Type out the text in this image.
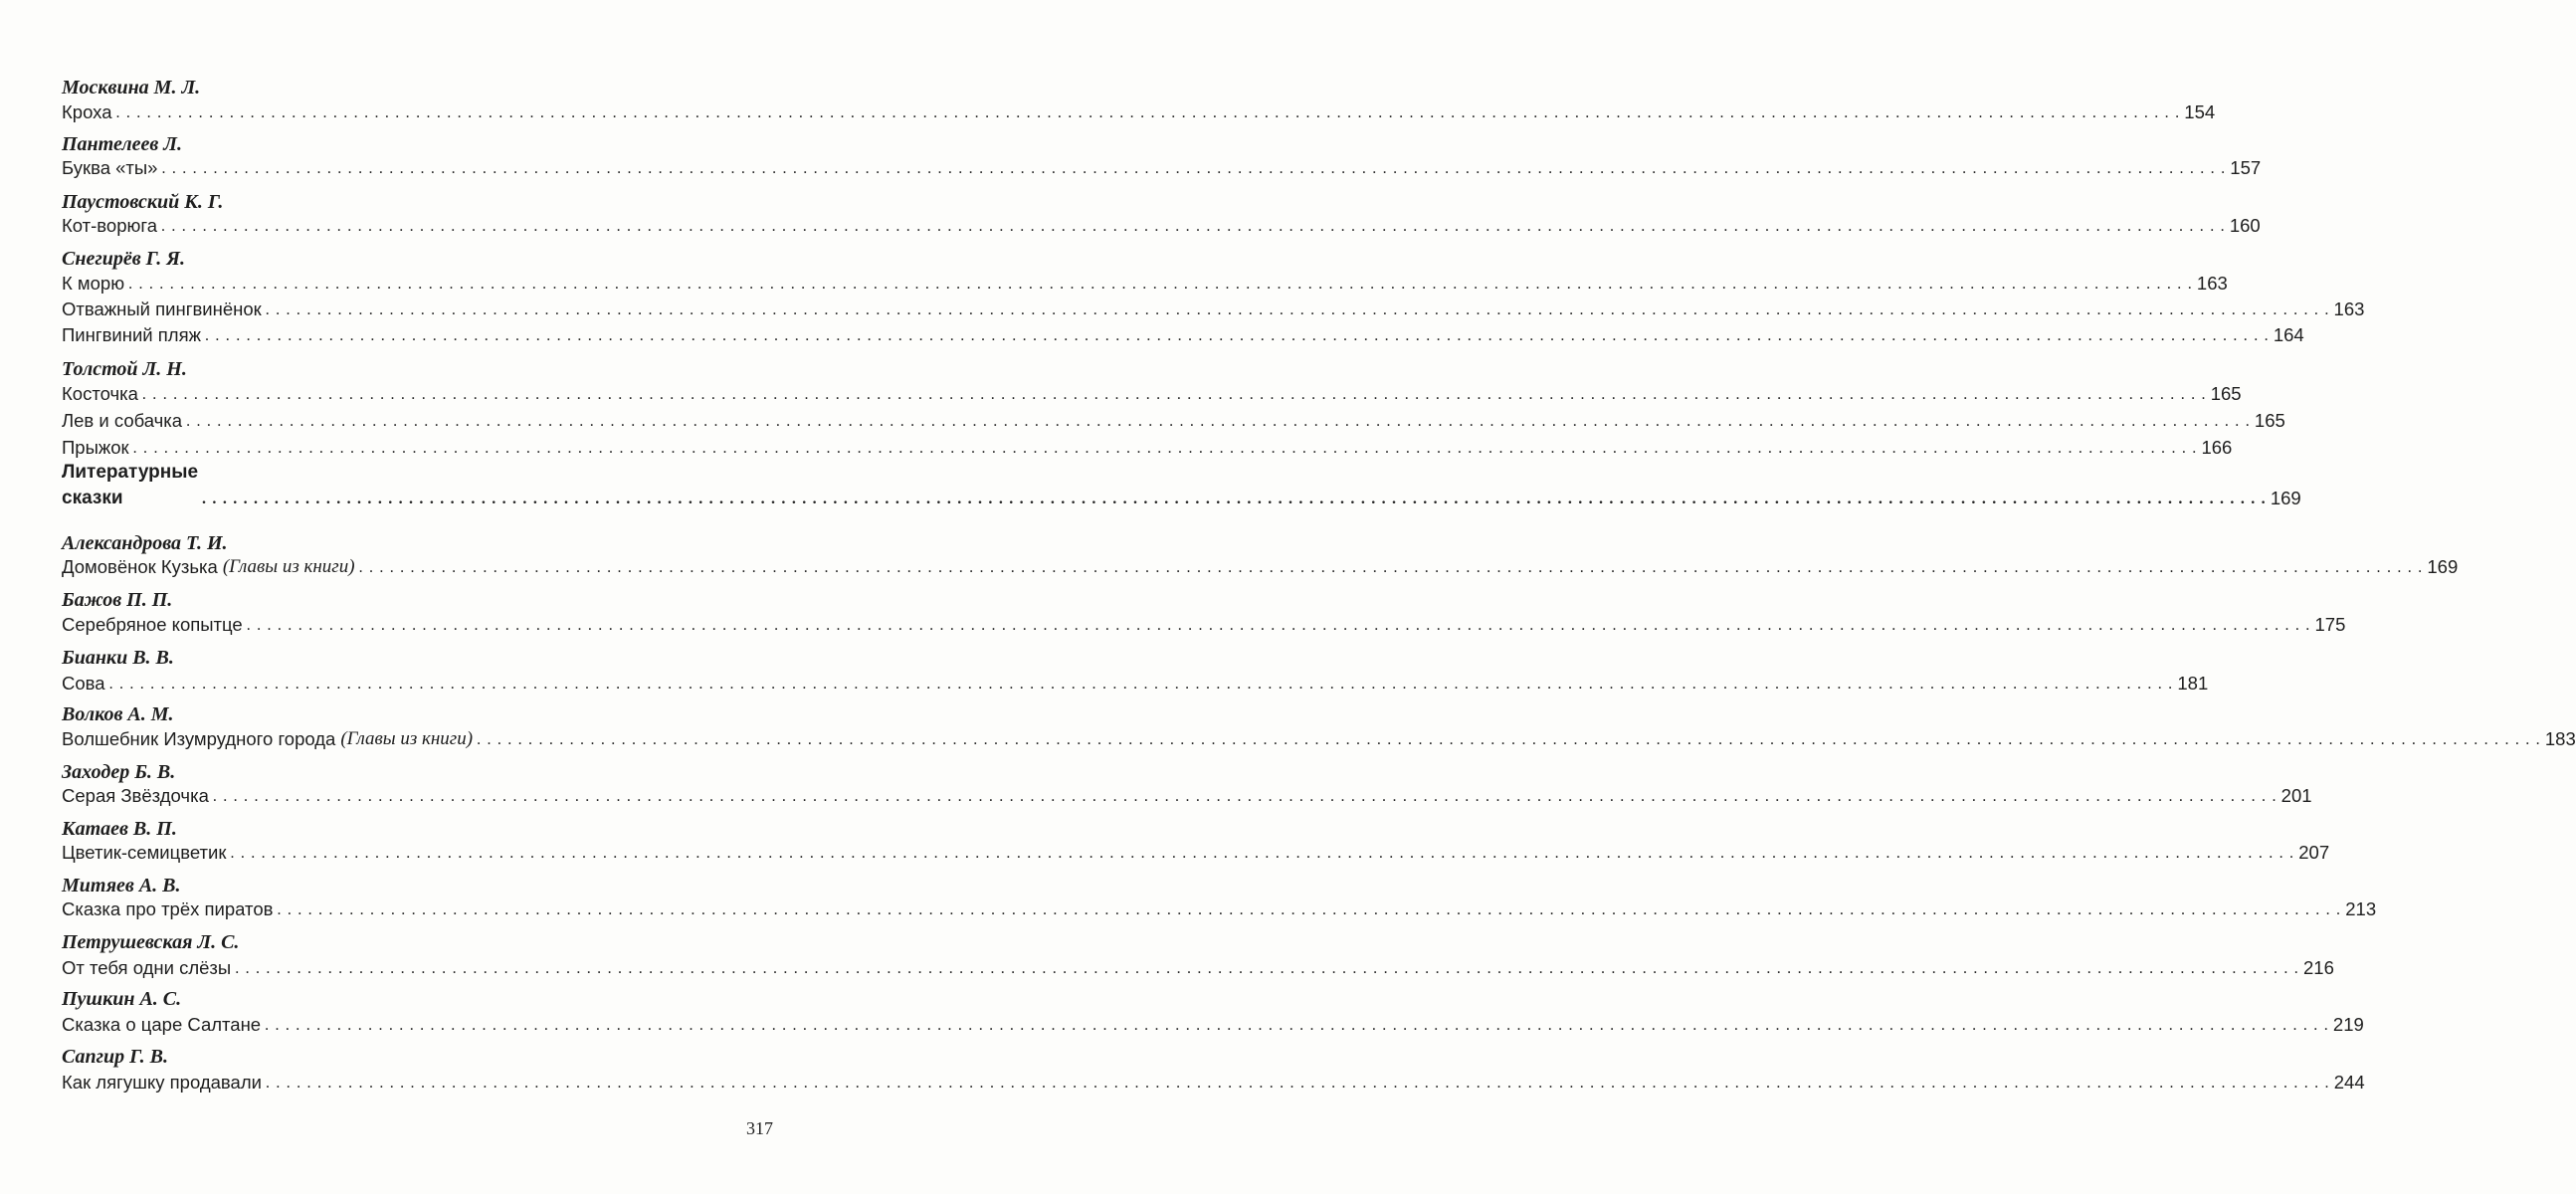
Москвина М. Л.
Кроха . . . . . . . . . . . . . . . . . . . . . . . . . . . . . . . . . . . . . . . . . . . . . . . . . . . . . . . . . . . . . . . . . . . . . . . . . . . . . . . . . . . . . . . . . . . . . . . . . . . . . . . . . . . . . . . . . . . . . . . . . . . . . . . . . . . . . . . . . . . . . . . . . . . . . . . . . . . . . . . . . . . . . . . . . . . . . . . . . . . . . . . . . . . . . . . . . . . . . . . . 154
Пантелеев Л.
Буква «ты» . . . . . . . . . . . . . . . . . . . . . . . . . . . . . . . . . . . . . . . . . . . . . . . . . . . . . . . . . . . . . . . . . . . . . . . . . . . . . . . . . . . . . . . . . . . . . . . . . . . . . . . . . . . . . . . . . . . . . . . . . . . . . . . . . . . . . . . . . . . . . . . . . . . . . . . . . . . . . . . . . . . . . . . . . . . . . . . . . . . . . . . . . . . . . . . . . . . . . . . . 157
Паустовский К. Г.
Кот-ворюга . . . . . . . . . . . . . . . . . . . . . . . . . . . . . . . . . . . . . . . . . . . . . . . . . . . . . . . . . . . . . . . . . . . . . . . . . . . . . . . . . . . . . . . . . . . . . . . . . . . . . . . . . . . . . . . . . . . . . . . . . . . . . . . . . . . . . . . . . . . . . . . . . . . . . . . . . . . . . . . . . . . . . . . . . . . . . . . . . . . . . . . . . . . . . . . . . . . . . . . . 160
Снегирёв Г. Я.
К морю . . . . . . . . . . . . . . . . . . . . . . . . . . . . . . . . . . . . . . . . . . . . . . . . . . . . . . . . . . . . . . . . . . . . . . . . . . . . . . . . . . . . . . . . . . . . . . . . . . . . . . . . . . . . . . . . . . . . . . . . . . . . . . . . . . . . . . . . . . . . . . . . . . . . . . . . . . . . . . . . . . . . . . . . . . . . . . . . . . . . . . . . . . . . . . . . . . . . . . . . 163
Отважный пингвинёнок . . . . . . . . . . . . . . . . . . . . . . . . . . . . . . . . . . . . . . . . . . . . . . . . . . . . . . . . . . . . . . . . . . . . . . . . . . . . . . . . . . . . . . . . . . . . . . . . . . . . . . . . . . . . . . . . . . . . . . . . . . . . . . . . . . . . . . . . . . . . . . . . . . . . . . . . . . . . . . . . . . . . . . . . . . . . . . . . . . . . . . . . . . . . . . . . . . . . . . . . 163
Пингвиний пляж . . . . . . . . . . . . . . . . . . . . . . . . . . . . . . . . . . . . . . . . . . . . . . . . . . . . . . . . . . . . . . . . . . . . . . . . . . . . . . . . . . . . . . . . . . . . . . . . . . . . . . . . . . . . . . . . . . . . . . . . . . . . . . . . . . . . . . . . . . . . . . . . . . . . . . . . . . . . . . . . . . . . . . . . . . . . . . . . . . . . . . . . . . . . . . . . . . . . . . . . 164
Толстой Л. Н.
Косточка . . . . . . . . . . . . . . . . . . . . . . . . . . . . . . . . . . . . . . . . . . . . . . . . . . . . . . . . . . . . . . . . . . . . . . . . . . . . . . . . . . . . . . . . . . . . . . . . . . . . . . . . . . . . . . . . . . . . . . . . . . . . . . . . . . . . . . . . . . . . . . . . . . . . . . . . . . . . . . . . . . . . . . . . . . . . . . . . . . . . . . . . . . . . . . . . . . . . . . . . 165
Лев и собачка . . . . . . . . . . . . . . . . . . . . . . . . . . . . . . . . . . . . . . . . . . . . . . . . . . . . . . . . . . . . . . . . . . . . . . . . . . . . . . . . . . . . . . . . . . . . . . . . . . . . . . . . . . . . . . . . . . . . . . . . . . . . . . . . . . . . . . . . . . . . . . . . . . . . . . . . . . . . . . . . . . . . . . . . . . . . . . . . . . . . . . . . . . . . . . . . . . . . . . . . 165
Прыжок . . . . . . . . . . . . . . . . . . . . . . . . . . . . . . . . . . . . . . . . . . . . . . . . . . . . . . . . . . . . . . . . . . . . . . . . . . . . . . . . . . . . . . . . . . . . . . . . . . . . . . . . . . . . . . . . . . . . . . . . . . . . . . . . . . . . . . . . . . . . . . . . . . . . . . . . . . . . . . . . . . . . . . . . . . . . . . . . . . . . . . . . . . . . . . . . . . . . . . . . 166
Литературные сказки	. . . . . . . . . . . . . . . . . . . . . . . . . . . . . . . . . . . . . . . . . . . . . . . . . . . . . . . . . . . . . . . . . . . . . . . . . . . . . . . . . . . . . . . . . . . . . . . . . . . . . . . . . . . . . . . . . . . . . . . . . . . . . . . . . . . . . . . . . . . . . . . . . . . . . . . . . . . . . . . . . . . . . . . . . . . . . . . . . . . . . . . . . . . . . . . . . . . . . . . . 169
Александрова Т. И.
Домовёнок Кузька (Главы из книги) . . . . . . . . . . . . . . . . . . . . . . . . . . . . . . . . . . . . . . . . . . . . . . . . . . . . . . . . . . . . . . . . . . . . . . . . . . . . . . . . . . . . . . . . . . . . . . . . . . . . . . . . . . . . . . . . . . . . . . . . . . . . . . . . . . . . . . . . . . . . . . . . . . . . . . . . . . . . . . . . . . . . . . . . . . . . . . . . . . . . . . . . . . . . . . . . . . . . . . . . 169
Бажов П. П.
Серебряное копытце . . . . . . . . . . . . . . . . . . . . . . . . . . . . . . . . . . . . . . . . . . . . . . . . . . . . . . . . . . . . . . . . . . . . . . . . . . . . . . . . . . . . . . . . . . . . . . . . . . . . . . . . . . . . . . . . . . . . . . . . . . . . . . . . . . . . . . . . . . . . . . . . . . . . . . . . . . . . . . . . . . . . . . . . . . . . . . . . . . . . . . . . . . . . . . . . . . . . . . . . 175
Бианки В. В.
Сова . . . . . . . . . . . . . . . . . . . . . . . . . . . . . . . . . . . . . . . . . . . . . . . . . . . . . . . . . . . . . . . . . . . . . . . . . . . . . . . . . . . . . . . . . . . . . . . . . . . . . . . . . . . . . . . . . . . . . . . . . . . . . . . . . . . . . . . . . . . . . . . . . . . . . . . . . . . . . . . . . . . . . . . . . . . . . . . . . . . . . . . . . . . . . . . . . . . . . . . . 181
Волков А. М.
Волшебник Изумрудного города (Главы из книги) . . . . . . . . . . . . . . . . . . . . . . . . . . . . . . . . . . . . . . . . . . . . . . . . . . . . . . . . . . . . . . . . . . . . . . . . . . . . . . . . . . . . . . . . . . . . . . . . . . . . . . . . . . . . . . . . . . . . . . . . . . . . . . . . . . . . . . . . . . . . . . . . . . . . . . . . . . . . . . . . . . . . . . . . . . . . . . . . . . . . . . . . . . . . . . . . . . . . . . . . 183
Заходер Б. В.
Серая Звёздочка . . . . . . . . . . . . . . . . . . . . . . . . . . . . . . . . . . . . . . . . . . . . . . . . . . . . . . . . . . . . . . . . . . . . . . . . . . . . . . . . . . . . . . . . . . . . . . . . . . . . . . . . . . . . . . . . . . . . . . . . . . . . . . . . . . . . . . . . . . . . . . . . . . . . . . . . . . . . . . . . . . . . . . . . . . . . . . . . . . . . . . . . . . . . . . . . . . . . . . . . 201
Катаев В. П.
Цветик-семицветик . . . . . . . . . . . . . . . . . . . . . . . . . . . . . . . . . . . . . . . . . . . . . . . . . . . . . . . . . . . . . . . . . . . . . . . . . . . . . . . . . . . . . . . . . . . . . . . . . . . . . . . . . . . . . . . . . . . . . . . . . . . . . . . . . . . . . . . . . . . . . . . . . . . . . . . . . . . . . . . . . . . . . . . . . . . . . . . . . . . . . . . . . . . . . . . . . . . . . . . . 207
Митяев А. В.
Сказка про трёх пиратов . . . . . . . . . . . . . . . . . . . . . . . . . . . . . . . . . . . . . . . . . . . . . . . . . . . . . . . . . . . . . . . . . . . . . . . . . . . . . . . . . . . . . . . . . . . . . . . . . . . . . . . . . . . . . . . . . . . . . . . . . . . . . . . . . . . . . . . . . . . . . . . . . . . . . . . . . . . . . . . . . . . . . . . . . . . . . . . . . . . . . . . . . . . . . . . . . . . . . . . . 213
Петрушевская Л. С.
От тебя одни слёзы . . . . . . . . . . . . . . . . . . . . . . . . . . . . . . . . . . . . . . . . . . . . . . . . . . . . . . . . . . . . . . . . . . . . . . . . . . . . . . . . . . . . . . . . . . . . . . . . . . . . . . . . . . . . . . . . . . . . . . . . . . . . . . . . . . . . . . . . . . . . . . . . . . . . . . . . . . . . . . . . . . . . . . . . . . . . . . . . . . . . . . . . . . . . . . . . . . . . . . . . 216
Пушкин А. С.
Сказка о царе Салтане . . . . . . . . . . . . . . . . . . . . . . . . . . . . . . . . . . . . . . . . . . . . . . . . . . . . . . . . . . . . . . . . . . . . . . . . . . . . . . . . . . . . . . . . . . . . . . . . . . . . . . . . . . . . . . . . . . . . . . . . . . . . . . . . . . . . . . . . . . . . . . . . . . . . . . . . . . . . . . . . . . . . . . . . . . . . . . . . . . . . . . . . . . . . . . . . . . . . . . . . 219
Сапгир Г. В.
Как лягушку продавали . . . . . . . . . . . . . . . . . . . . . . . . . . . . . . . . . . . . . . . . . . . . . . . . . . . . . . . . . . . . . . . . . . . . . . . . . . . . . . . . . . . . . . . . . . . . . . . . . . . . . . . . . . . . . . . . . . . . . . . . . . . . . . . . . . . . . . . . . . . . . . . . . . . . . . . . . . . . . . . . . . . . . . . . . . . . . . . . . . . . . . . . . . . . . . . . . . . . . . . . 244
317
